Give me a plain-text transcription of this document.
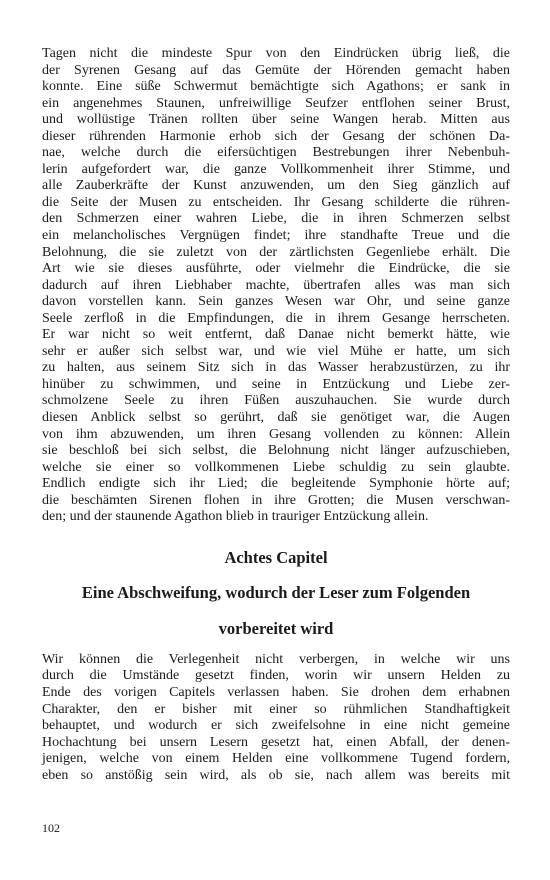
Tagen nicht die mindeste Spur von den Eindrücken übrig ließ, die
der Syrenen Gesang auf das Gemüte der Hörenden gemacht haben
konnte. Eine süße Schwermut bemächtigte sich Agathons; er sank in
ein angenehmes Staunen, unfreiwillige Seufzer entflohen seiner Brust,
und wollüstige Tränen rollten über seine Wangen herab. Mitten aus
dieser rührenden Harmonie erhob sich der Gesang der schönen Da-
nae, welche durch die eifersüchtigen Bestrebungen ihrer Nebenbuh-
lerin aufgefordert war, die ganze Vollkommenheit ihrer Stimme, und
alle Zauberkräfte der Kunst anzuwenden, um den Sieg gänzlich auf
die Seite der Musen zu entscheiden. Ihr Gesang schilderte die rühren-
den Schmerzen einer wahren Liebe, die in ihren Schmerzen selbst
ein melancholisches Vergnügen findet; ihre standhafte Treue und die
Belohnung, die sie zuletzt von der zärtlichsten Gegenliebe erhält. Die
Art wie sie dieses ausführte, oder vielmehr die Eindrücke, die sie
dadurch auf ihren Liebhaber machte, übertrafen alles was man sich
davon vorstellen kann. Sein ganzes Wesen war Ohr, und seine ganze
Seele zerfloß in die Empfindungen, die in ihrem Gesange herrscheten.
Er war nicht so weit entfernt, daß Danae nicht bemerkt hätte, wie
sehr er außer sich selbst war, und wie viel Mühe er hatte, um sich
zu halten, aus seinem Sitz sich in das Wasser herabzustürzen, zu ihr
hinüber zu schwimmen, und seine in Entzückung und Liebe zer-
schmolzene Seele zu ihren Füßen auszuhauchen. Sie wurde durch
diesen Anblick selbst so gerührt, daß sie genötiget war, die Augen
von ihm abzuwenden, um ihren Gesang vollenden zu können: Allein
sie beschloß bei sich selbst, die Belohnung nicht länger aufzuschieben,
welche sie einer so vollkommenen Liebe schuldig zu sein glaubte.
Endlich endigte sich ihr Lied; die begleitende Symphonie hörte auf;
die beschämten Sirenen flohen in ihre Grotten; die Musen verschwan-
den; und der staunende Agathon blieb in trauriger Entzückung allein.
Achtes Capitel
Eine Abschweifung, wodurch der Leser zum Folgenden
vorbereitet wird
Wir können die Verlegenheit nicht verbergen, in welche wir uns
durch die Umstände gesetzt finden, worin wir unsern Helden zu
Ende des vorigen Capitels verlassen haben. Sie drohen dem erhabnen
Charakter, den er bisher mit einer so rühmlichen Standhaftigkeit
behauptet, und wodurch er sich zweifelsohne in eine nicht gemeine
Hochachtung bei unsern Lesern gesetzt hat, einen Abfall, der denen-
jenigen, welche von einem Helden eine vollkommene Tugend fordern,
eben so anstößig sein wird, als ob sie, nach allem was bereits mit
102
